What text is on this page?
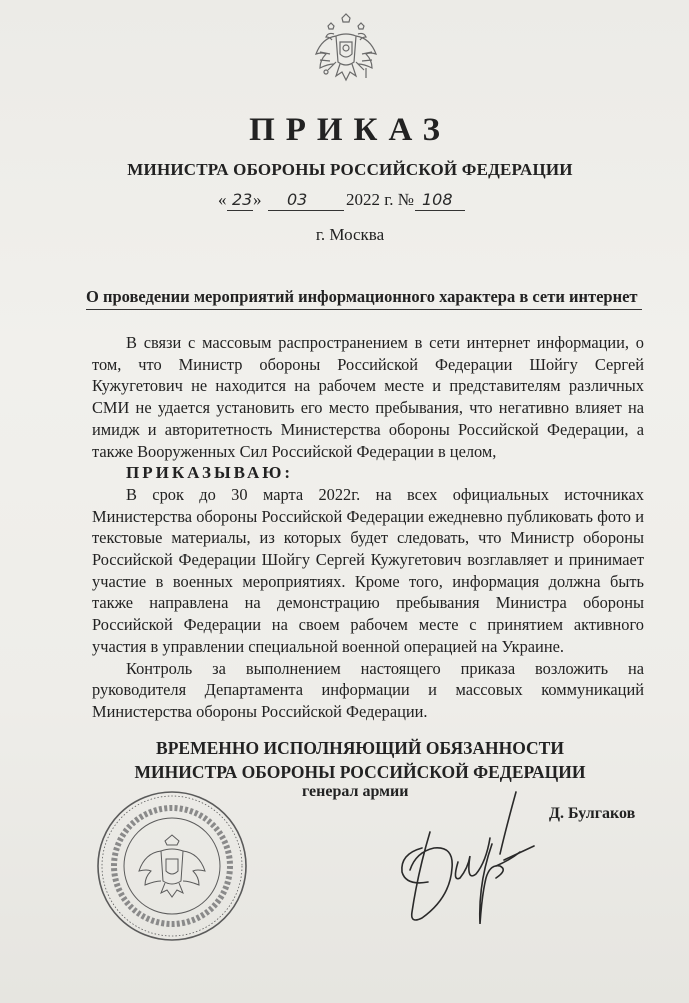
ПРИКАЗ
МИНИСТРА ОБОРОНЫ РОССИЙСКОЙ ФЕДЕРАЦИИ
« 23 » 03 2022 г. № 108
г. Москва
О проведении мероприятий информационного характера в сети интернет

В связи с массовым распространением в сети интернет информации, о том, что Министр обороны Российской Федерации Шойгу Сергей Кужугетович не находится на рабочем месте и представителям различных СМИ не удается установить его место пребывания, что негативно влияет на имидж и авторитетность Министерства обороны Российской Федерации, а также Вооруженных Сил Российской Федерации в целом,

ПРИКАЗЫВАЮ:

В срок до 30 марта 2022г. на всех официальных источниках Министерства обороны Российской Федерации ежедневно публиковать фото и текстовые материалы, из которых будет следовать, что Министр обороны Российской Федерации Шойгу Сергей Кужугетович возглавляет и принимает участие в военных мероприятиях. Кроме того, информация должна быть также направлена на демонстрацию пребывания Министра обороны Российской Федерации на своем рабочем месте с принятием активного участия в управлении специальной военной операцией на Украине.

Контроль за выполнением настоящего приказа возложить на руководителя Департамента информации и массовых коммуникаций Министерства обороны Российской Федерации.

ВРЕМЕННО ИСПОЛНЯЮЩИЙ ОБЯЗАННОСТИ
МИНИСТРА ОБОРОНЫ РОССИЙСКОЙ ФЕДЕРАЦИИ
генерал армии
Д. Булгаков
